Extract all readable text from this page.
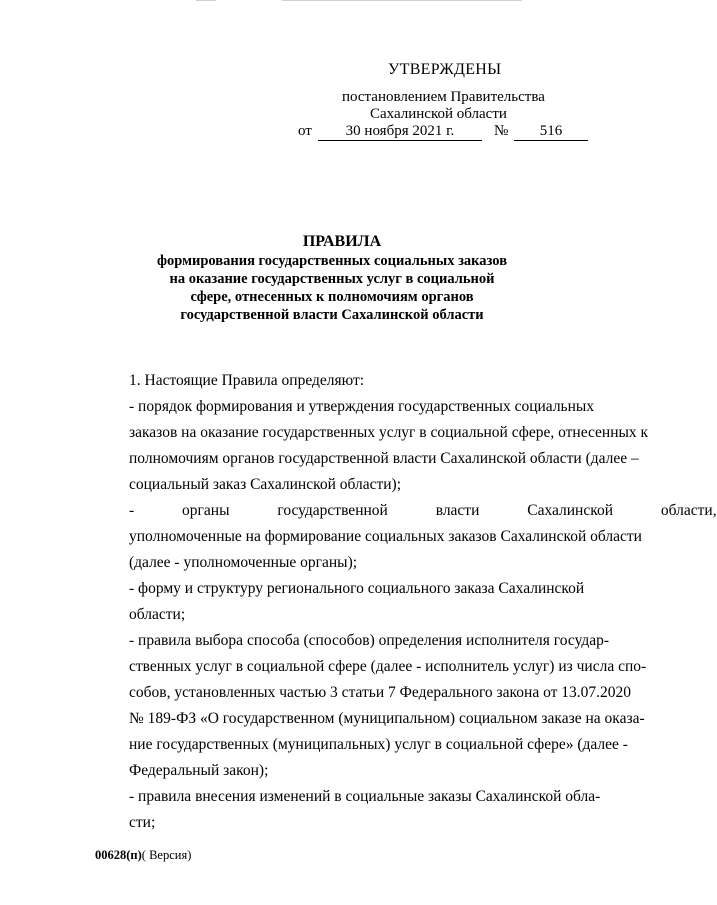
УТВЕРЖДЕНЫ
постановлением Правительства
Сахалинской области
от	30 ноября 2021 г.	№	516
ПРАВИЛА
формирования государственных социальных заказов
на оказание государственных услуг в социальной
сфере, отнесенных к полномочиям органов
государственной власти Сахалинской области

1. Настоящие Правила определяют:

- порядок формирования и утверждения государственных социальных
заказов на оказание государственных услуг в социальной сфере, отнесенных к
полномочиям органов государственной власти Сахалинской области (далее –
социальный заказ Сахалинской области);

- органы государственной власти Сахалинской области,
уполномоченные на формирование социальных заказов Сахалинской области
(далее - уполномоченные органы);

- форму и структуру регионального социального заказа Сахалинской
области;

- правила выбора способа (способов) определения исполнителя государ-
ственных услуг в социальной сфере (далее - исполнитель услуг) из числа спо-
собов, установленных частью 3 статьи 7 Федерального закона от 13.07.2020
№ 189-ФЗ «О государственном (муниципальном) социальном заказе на оказа-
ние государственных (муниципальных) услуг в социальной сфере» (далее -
Федеральный закон);

- правила внесения изменений в социальные заказы Сахалинской обла-
сти;

00628(п)( Версия)
